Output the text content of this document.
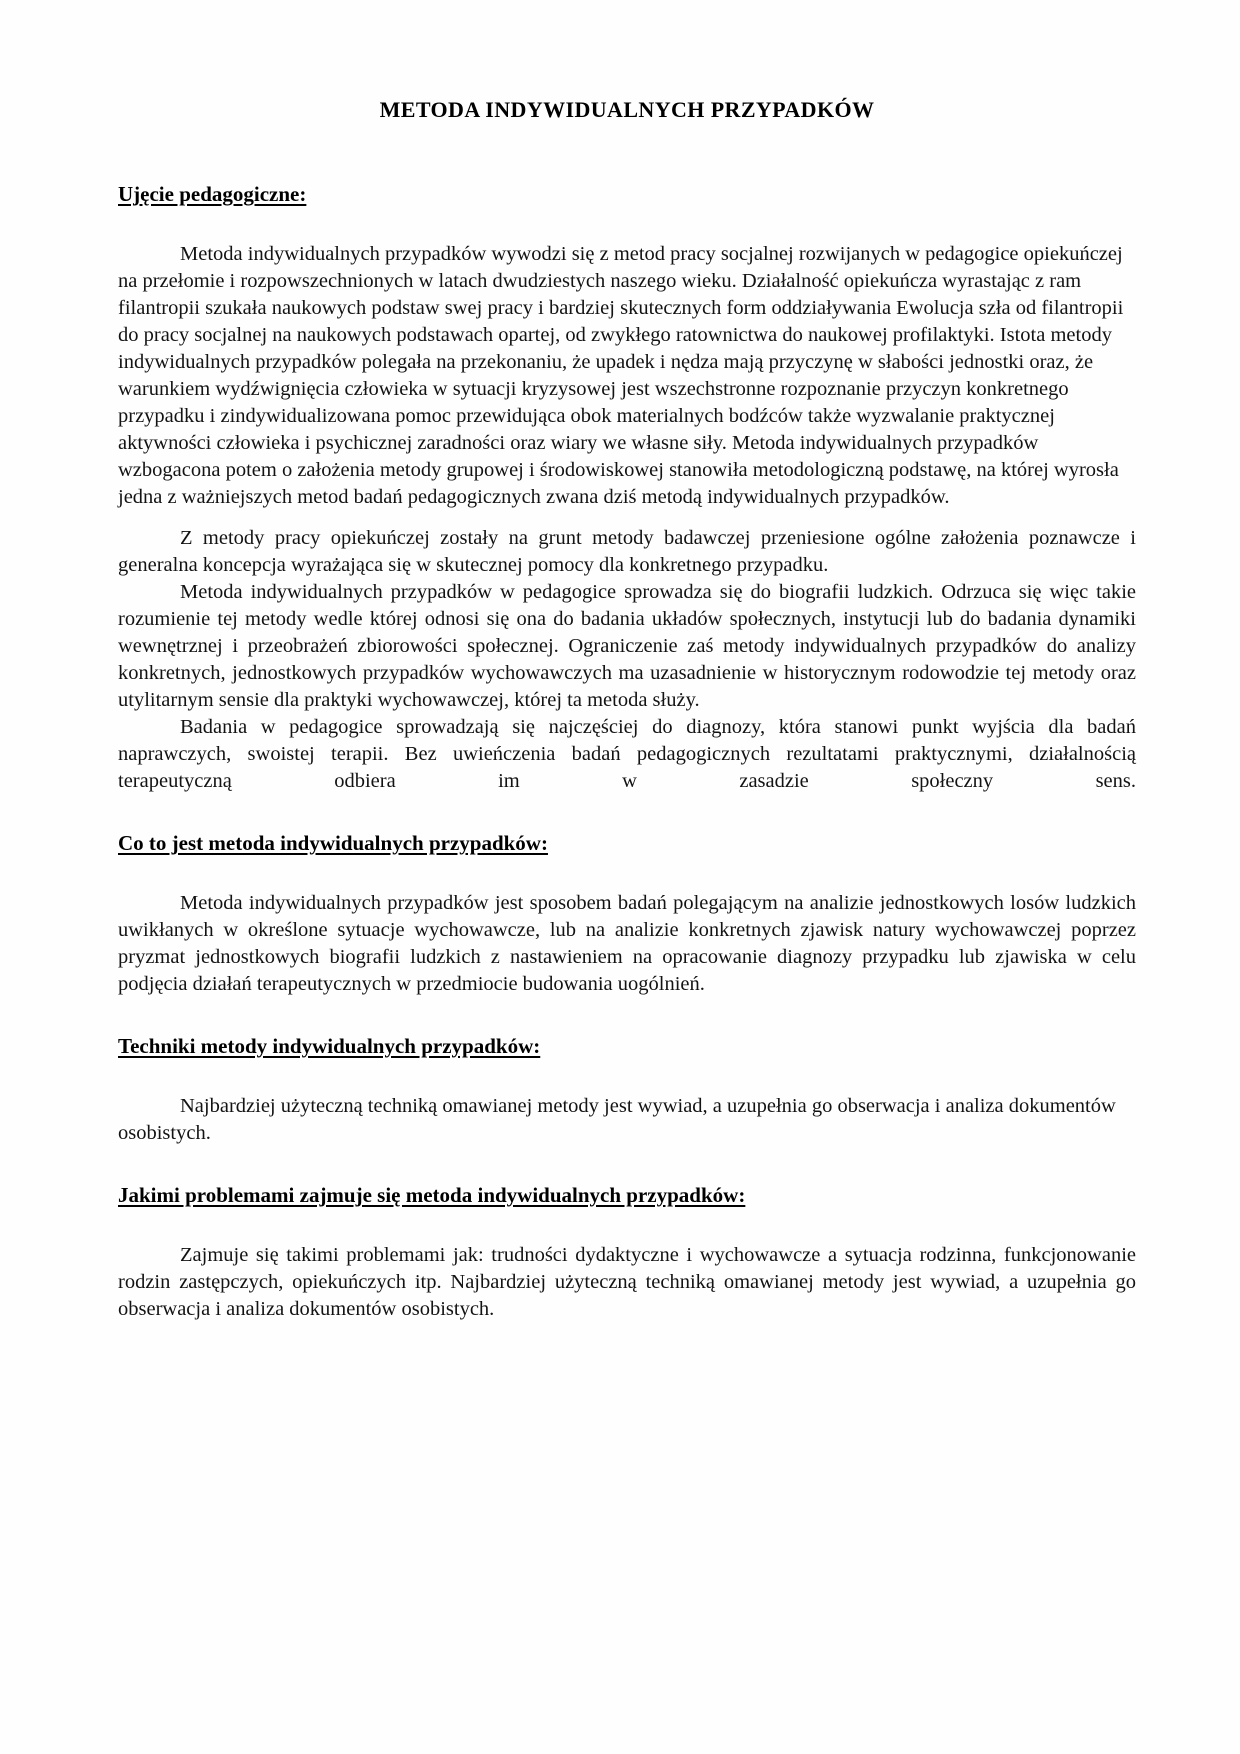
METODA INDYWIDUALNYCH PRZYPADKÓW
Ujęcie pedagogiczne:

Metoda indywidualnych przypadków wywodzi się z metod pracy socjalnej rozwijanych w pedagogice opiekuńczej na przełomie i rozpowszechnionych w latach dwudziestych naszego wieku. Działalność opiekuńcza wyrastając z ram filantropii szukała naukowych podstaw swej pracy i bardziej skutecznych form oddziaływania Ewolucja szła od filantropii do pracy socjalnej na naukowych podstawach opartej, od zwykłego ratownictwa do naukowej profilaktyki. Istota metody indywidualnych przypadków polegała na przekonaniu, że upadek i nędza mają przyczynę w słabości jednostki oraz, że warunkiem wydźwignięcia człowieka w sytuacji kryzysowej jest wszechstronne rozpoznanie przyczyn konkretnego przypadku i zindywidualizowana pomoc przewidująca obok materialnych bodźców także wyzwalanie praktycznej aktywności człowieka i psychicznej zaradności oraz wiary we własne siły. Metoda indywidualnych przypadków wzbogacona potem o założenia metody grupowej i środowiskowej stanowiła metodologiczną podstawę, na której wyrosła jedna z ważniejszych metod badań pedagogicznych zwana dziś metodą indywidualnych przypadków.

Z metody pracy opiekuńczej zostały na grunt metody badawczej przeniesione ogólne założenia poznawcze i generalna koncepcja wyrażająca się w skutecznej pomocy dla konkretnego przypadku.

Metoda indywidualnych przypadków w pedagogice sprowadza się do biografii ludzkich. Odrzuca się więc takie rozumienie tej metody wedle której odnosi się ona do badania układów społecznych, instytucji lub do badania dynamiki wewnętrznej i przeobrażeń zbiorowości społecznej. Ograniczenie zaś metody indywidualnych przypadków do analizy konkretnych, jednostkowych przypadków wychowawczych ma uzasadnienie w historycznym rodowodzie tej metody oraz utylitarnym sensie dla praktyki wychowawczej, której ta metoda służy.

Badania w pedagogice sprowadzają się najczęściej do diagnozy, która stanowi punkt wyjścia dla badań naprawczych, swoistej terapii. Bez uwieńczenia badań pedagogicznych rezultatami praktycznymi, działalnością terapeutyczną odbiera im w zasadzie społeczny sens.

Co to jest metoda indywidualnych przypadków:

Metoda indywidualnych przypadków jest sposobem badań polegającym na analizie jednostkowych losów ludzkich uwikłanych w określone sytuacje wychowawcze, lub na analizie konkretnych zjawisk natury wychowawczej poprzez pryzmat jednostkowych biografii ludzkich z nastawieniem na opracowanie diagnozy przypadku lub zjawiska w celu podjęcia działań terapeutycznych w przedmiocie budowania uogólnień.

Techniki metody indywidualnych przypadków:

Najbardziej użyteczną techniką omawianej metody jest wywiad, a uzupełnia go obserwacja i analiza dokumentów osobistych.

Jakimi problemami zajmuje się metoda indywidualnych przypadków:

Zajmuje się takimi problemami jak: trudności dydaktyczne i wychowawcze a sytuacja rodzinna, funkcjonowanie rodzin zastępczych, opiekuńczych itp. Najbardziej użyteczną techniką omawianej metody jest wywiad, a uzupełnia go obserwacja i analiza dokumentów osobistych.
